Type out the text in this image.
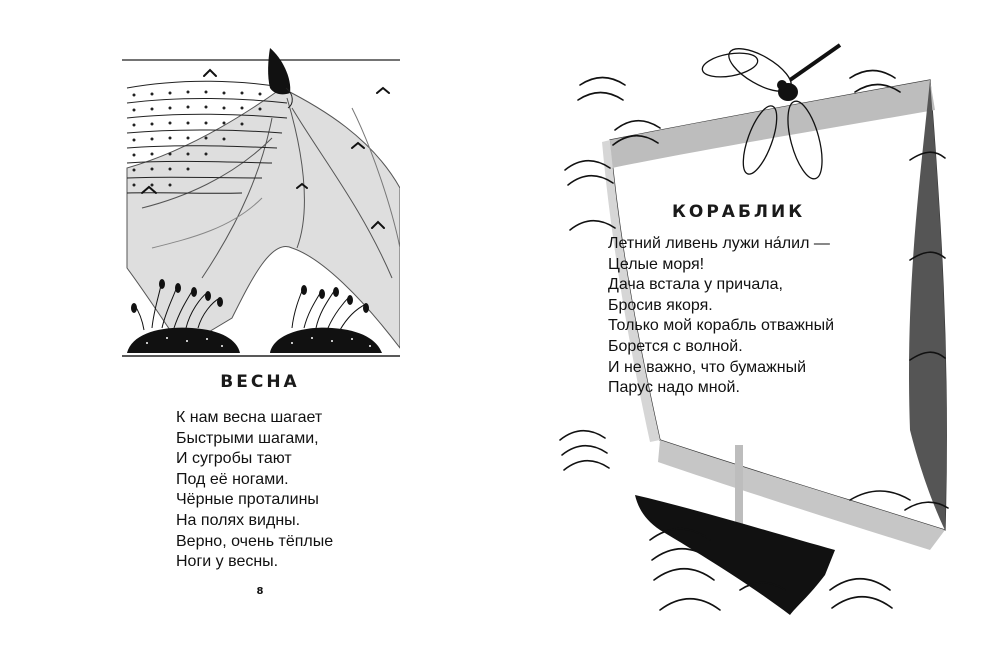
ВЕСНА
К нам весна шагает
Быстрыми шагами,
И сугробы тают
Под её ногами.
Чёрные проталины
На полях видны.
Верно, очень тёплые
Ноги у весны.
8
КОРАБЛИК
Летний ливень лужи на́лил —
Целые моря!
Дача встала у причала,
Бросив якоря.
Только мой корабль отважный
Борется с волной.
И не важно, что бумажный
Парус надо мной.
